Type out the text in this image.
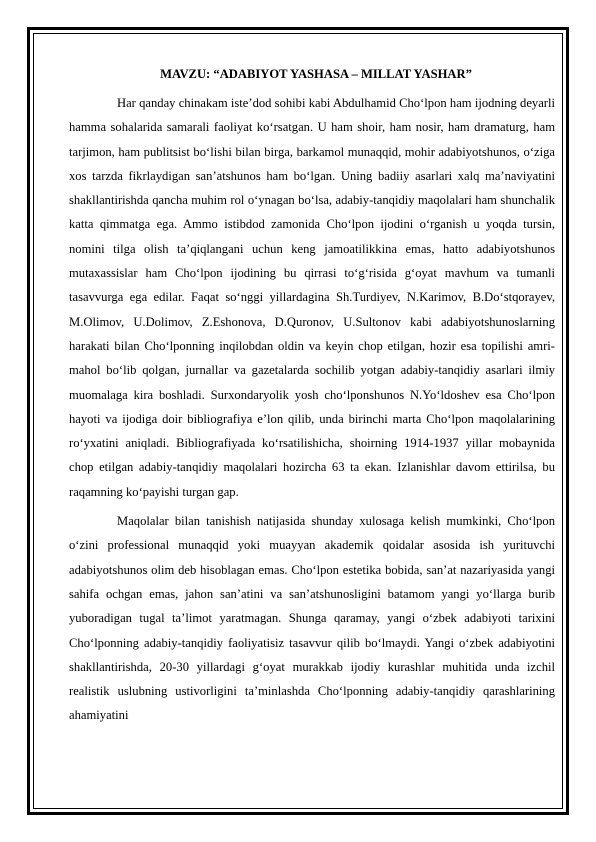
MAVZU: “ADABIYOT YASHASA – MILLAT YASHAR”

Har qanday chinakam iste’dod sohibi kabi Abdulhamid Cho‘lpon ham ijodning deyarli hamma sohalarida samarali faoliyat ko‘rsatgan. U ham shoir, ham nosir, ham dramaturg, ham tarjimon, ham publitsist bo‘lishi bilan birga, barkamol munaqqid, mohir adabiyotshunos, o‘ziga xos tarzda fikrlaydigan san’atshunos ham bo‘lgan. Uning badiiy asarlari xalq ma’naviyatini shakllantirishda qancha muhim rol o‘ynagan bo‘lsa, adabiy-tanqidiy maqolalari ham shunchalik katta qimmatga ega. Ammo istibdod zamonida Cho‘lpon ijodini o‘rganish u yoqda tursin, nomini tilga olish ta’qiqlangani uchun keng jamoatilikkina emas, hatto adabiyotshunos mutaxassislar ham Cho‘lpon ijodining bu qirrasi to‘g‘risida g‘oyat mavhum va tumanli tasavvurga ega edilar. Faqat so‘nggi yillardagina Sh.Turdiyev, N.Karimov, B.Do‘stqorayev, M.Olimov, U.Dolimov, Z.Eshonova, D.Quronov, U.Sultonov kabi adabiyotshunoslarning harakati bilan Cho‘lponning inqilobdan oldin va keyin chop etilgan, hozir esa topilishi amri-mahol bo‘lib qolgan, jurnallar va gazetalarda sochilib yotgan adabiy-tanqidiy asarlari ilmiy muomalaga kira boshladi. Surxondaryolik yosh cho‘lponshunos N.Yo‘ldoshev esa Cho‘lpon hayoti va ijodiga doir bibliografiya e’lon qilib, unda birinchi marta Cho‘lpon maqolalarining ro‘yxatini aniqladi. Bibliografiyada ko‘rsatilishicha, shoirning 1914-1937 yillar mobaynida chop etilgan adabiy-tanqidiy maqolalari hozircha 63 ta ekan. Izlanishlar davom ettirilsa, bu raqamning ko‘payishi turgan gap.

Maqolalar bilan tanishish natijasida shunday xulosaga kelish mumkinki, Cho‘lpon o‘zini professional munaqqid yoki muayyan akademik qoidalar asosida ish yurituvchi adabiyotshunos olim deb hisoblagan emas. Cho‘lpon estetika bobida, san’at nazariyasida yangi sahifa ochgan emas, jahon san’atini va san’atshunosligini batamom yangi yo‘llarga burib yuboradigan tugal ta’limot yaratmagan. Shunga qaramay, yangi o‘zbek adabiyoti tarixini Cho‘lponning adabiy-tanqidiy faoliyatisiz tasavvur qilib bo‘lmaydi. Yangi o‘zbek adabiyotini shakllantirishda, 20-30 yillardagi g‘oyat murakkab ijodiy kurashlar muhitida unda izchil realistik uslubning ustivorligini ta’minlashda Cho‘lponning adabiy-tanqidiy qarashlarining ahamiyatini
